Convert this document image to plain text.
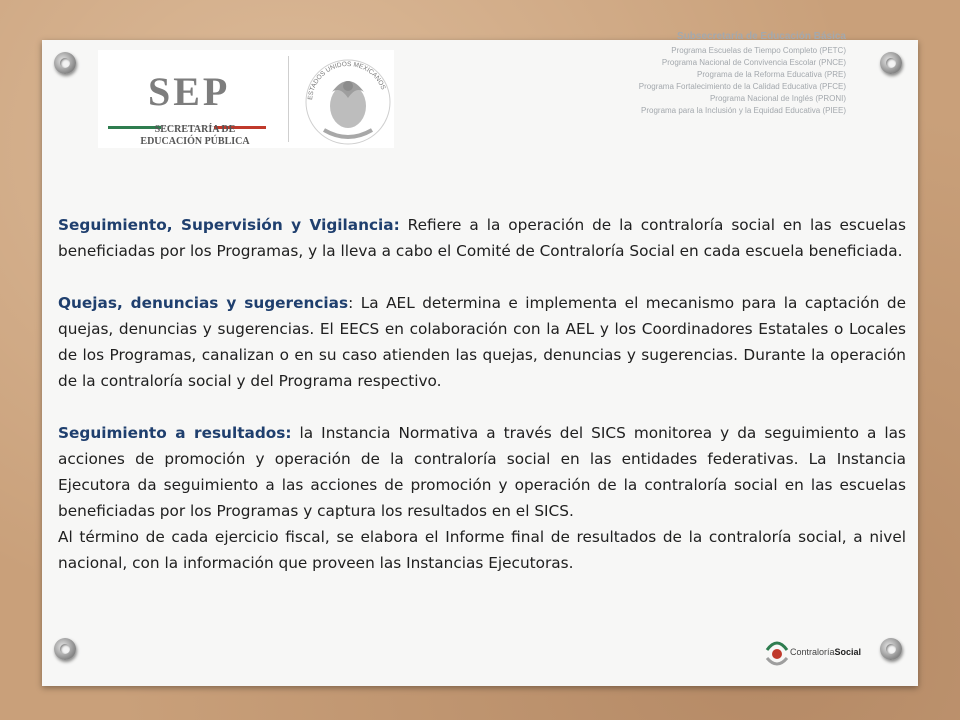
SEP
SECRETARÍA DE
EDUCACIÓN PÚBLICA
ESTADOS UNIDOS MEXICANOS
Subsecretaría de Educación Básica
Programa Escuelas de Tiempo Completo (PETC)
Programa Nacional de Convivencia Escolar (PNCE)
Programa de la Reforma Educativa (PRE)
Programa Fortalecimiento de la Calidad Educativa (PFCE)
Programa Nacional de Inglés (PRONI)
Programa para la Inclusión y la Equidad Educativa (PIEE)

Seguimiento, Supervisión y Vigilancia: Refiere a la operación de la contraloría social en las escuelas beneficiadas por los Programas, y la lleva a cabo el Comité de Contraloría Social en cada escuela beneficiada.

Quejas, denuncias y sugerencias: La AEL determina e implementa el mecanismo para la captación de quejas, denuncias y sugerencias. El EECS en colaboración con la AEL y los Coordinadores Estatales o Locales de los Programas, canalizan o en su caso atienden las quejas, denuncias y sugerencias. Durante la operación de la contraloría social y del Programa respectivo.

Seguimiento a resultados: la Instancia Normativa a través del SICS monitorea y da seguimiento a las acciones de promoción y operación de la contraloría social en las entidades federativas. La Instancia Ejecutora da seguimiento a las acciones de promoción y operación de la contraloría social en las escuelas beneficiadas por los Programas y captura los resultados en el SICS.

Al término de cada ejercicio fiscal, se elabora el Informe final de resultados de la contraloría social, a nivel nacional, con la información que proveen las Instancias Ejecutoras.

ContraloríaSocial
